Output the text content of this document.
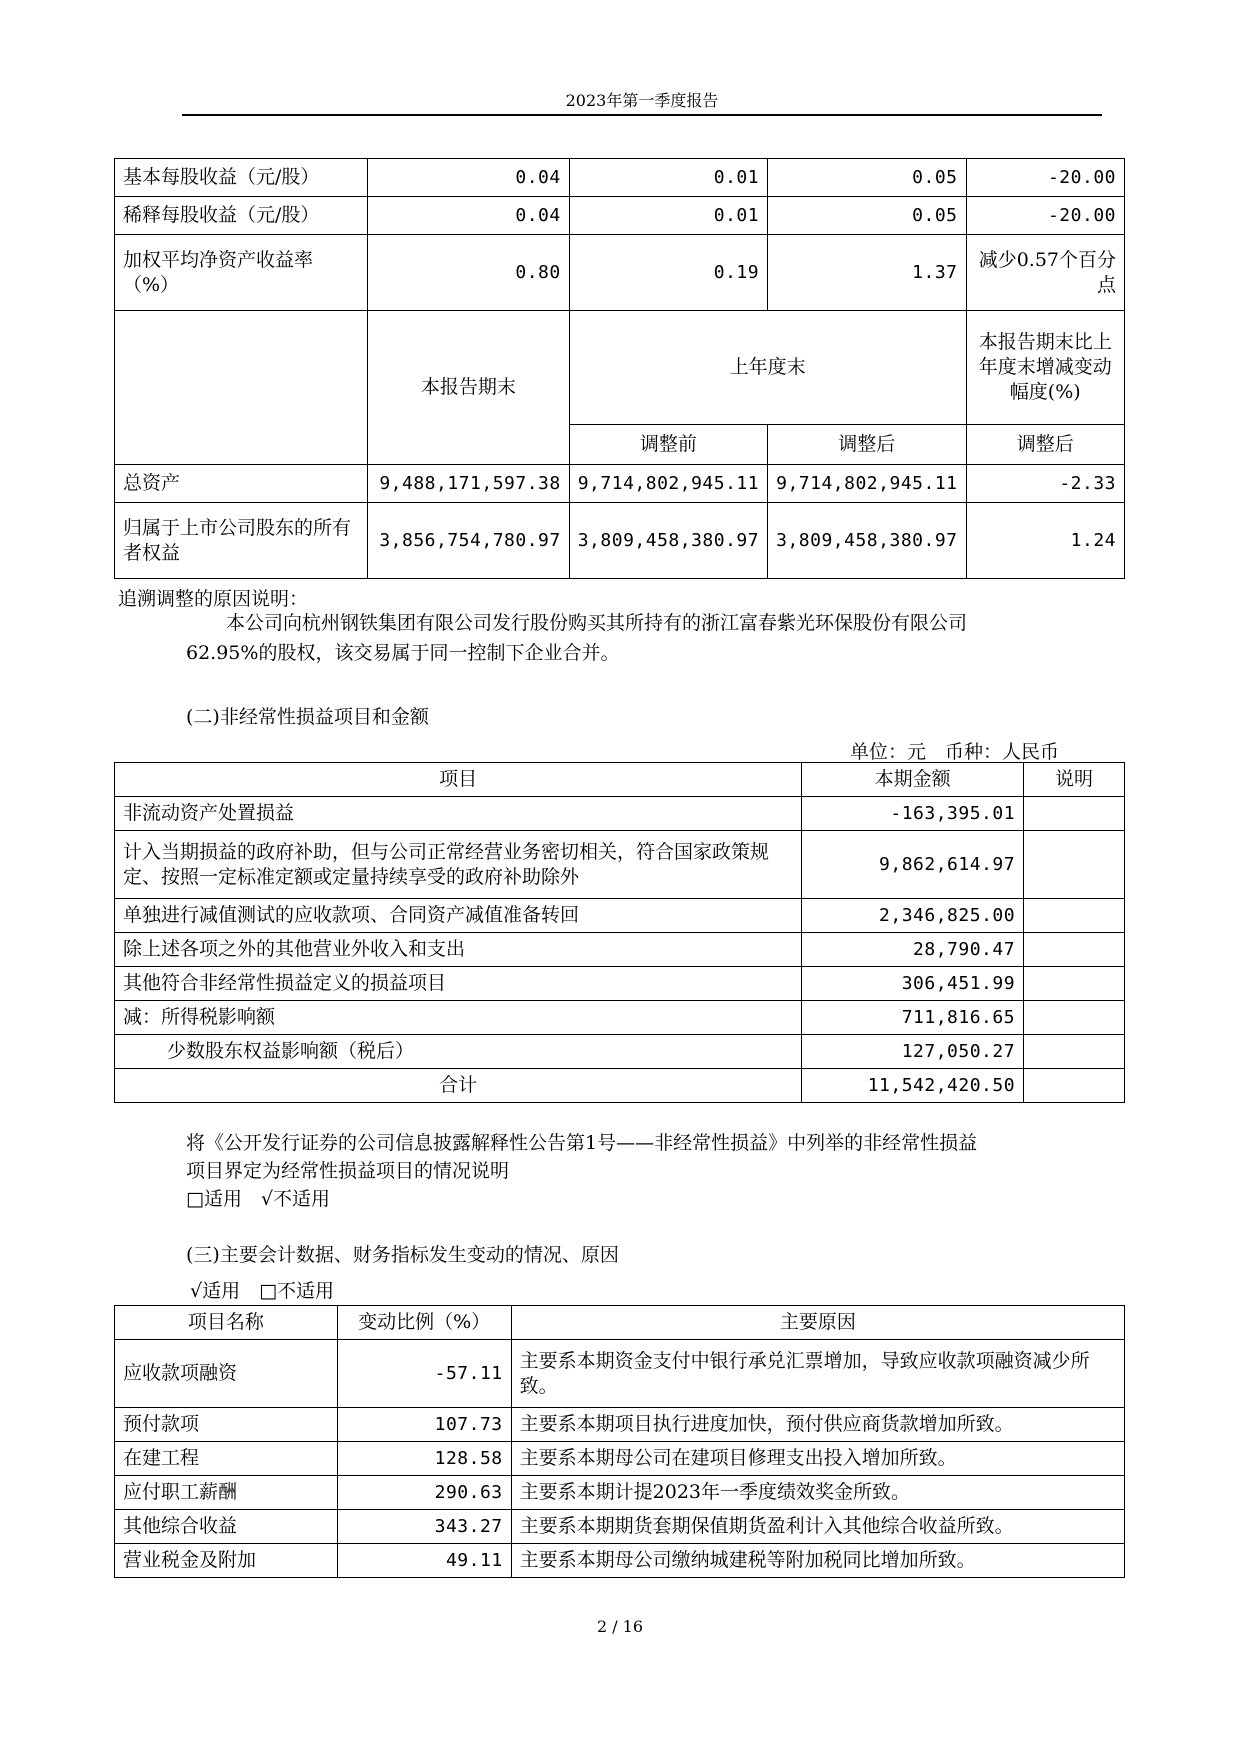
2023年第一季度报告
基本每股收益（元/股）	0.04	0.01	0.05	-20.00
稀释每股收益（元/股）	0.04	0.01	0.05	-20.00
加权平均净资产收益率（%）	0.80	0.19	1.37	减少0.57个百分点
	本报告期末	上年度末		本报告期末比上年度末增减变动幅度(%)
		调整前	调整后	调整后
总资产	9,488,171,597.38	9,714,802,945.11	9,714,802,945.11	-2.33
归属于上市公司股东的所有者权益	3,856,754,780.97	3,809,458,380.97	3,809,458,380.97	1.24
追溯调整的原因说明：
本公司向杭州钢铁集团有限公司发行股份购买其所持有的浙江富春紫光环保股份有限公司
62.95%的股权，该交易属于同一控制下企业合并。
(二)非经常性损益项目和金额
单位：元　币种：人民币
项目	本期金额	说明
非流动资产处置损益	-163,395.01	
计入当期损益的政府补助，但与公司正常经营业务密切相关，符合国家政策规定、按照一定标准定额或定量持续享受的政府补助除外	9,862,614.97	
单独进行减值测试的应收款项、合同资产减值准备转回	2,346,825.00	
除上述各项之外的其他营业外收入和支出	28,790.47	
其他符合非经常性损益定义的损益项目	306,451.99	
减：所得税影响额	711,816.65	
少数股东权益影响额（税后）	127,050.27	
合计	11,542,420.50	
将《公开发行证券的公司信息披露解释性公告第1号——非经常性损益》中列举的非经常性损益
项目界定为经常性损益项目的情况说明
□适用　√不适用
(三)主要会计数据、财务指标发生变动的情况、原因
√适用　□不适用
项目名称	变动比例（%）	主要原因
应收款项融资	-57.11	主要系本期资金支付中银行承兑汇票增加，导致应收款项融资减少所致。
预付款项	107.73	主要系本期项目执行进度加快，预付供应商货款增加所致。
在建工程	128.58	主要系本期母公司在建项目修理支出投入增加所致。
应付职工薪酬	290.63	主要系本期计提2023年一季度绩效奖金所致。
其他综合收益	343.27	主要系本期期货套期保值期货盈利计入其他综合收益所致。
营业税金及附加	49.11	主要系本期母公司缴纳城建税等附加税同比增加所致。
2 / 16
